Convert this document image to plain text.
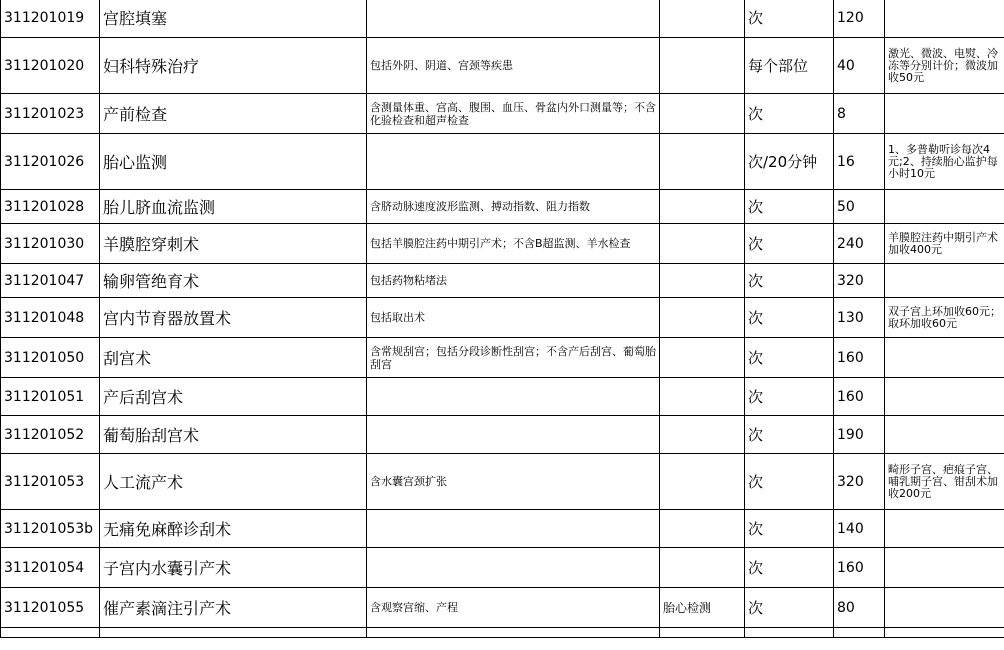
311201019	宫腔填塞			次	120	
311201020	妇科特殊治疗	包括外阴、阴道、宫颈等疾患		每个部位	40	激光、微波、电熨、冷冻等分别计价；微波加收50元
311201023	产前检查	含测量体重、宫高、腹围、血压、骨盆内外口测量等；不含化验检查和超声检查		次	8	
311201026	胎心监测			次/20分钟	16	1、多普勒听诊每次4元;2、持续胎心监护每小时10元
311201028	胎儿脐血流监测	含脐动脉速度波形监测、搏动指数、阻力指数		次	50	
311201030	羊膜腔穿刺术	包括羊膜腔注药中期引产术；不含B超监测、羊水检查		次	240	羊膜腔注药中期引产术加收400元
311201047	输卵管绝育术	包括药物粘堵法		次	320	
311201048	宫内节育器放置术	包括取出术		次	130	双子宫上环加收60元；取环加收60元
311201050	刮宫术	含常规刮宫；包括分段诊断性刮宫；不含产后刮宫、葡萄胎刮宫		次	160	
311201051	产后刮宫术			次	160	
311201052	葡萄胎刮宫术			次	190	
311201053	人工流产术	含水囊宫颈扩张		次	320	畸形子宫、疤痕子宫、哺乳期子宫、钳刮术加收200元
311201053b	无痛免麻醉诊刮术			次	140	
311201054	子宫内水囊引产术			次	160	
311201055	催产素滴注引产术	含观察宫缩、产程	胎心检测	次	80	
